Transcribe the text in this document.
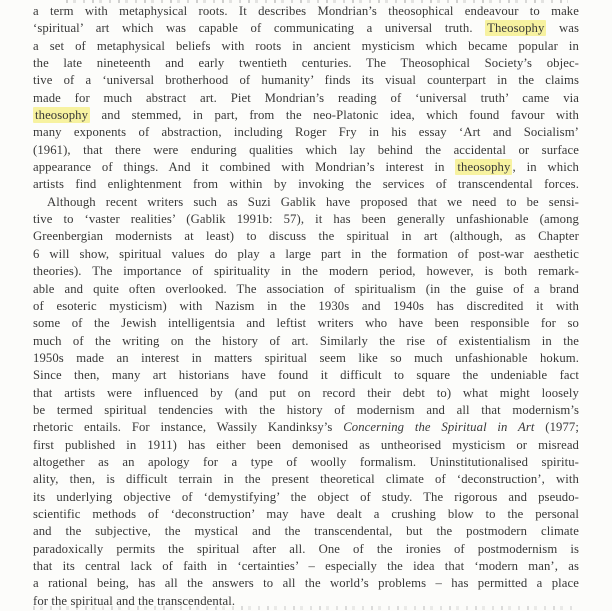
a term with metaphysical roots. It describes Mondrian’s theosophical endeavour to make
‘spiritual’ art which was capable of communicating a universal truth. Theosophy was
a set of metaphysical beliefs with roots in ancient mysticism which became popular in
the late nineteenth and early twentieth centuries. The Theosophical Society’s objec-
tive of a ‘universal brotherhood of humanity’ finds its visual counterpart in the claims
made for much abstract art. Piet Mondrian’s reading of ‘universal truth’ came via
theosophy and stemmed, in part, from the neo-Platonic idea, which found favour with
many exponents of abstraction, including Roger Fry in his essay ‘Art and Socialism’
(1961), that there were enduring qualities which lay behind the accidental or surface
appearance of things. And it combined with Mondrian’s interest in theosophy , in which
artists find enlightenment from within by invoking the services of transcendental forces.
Although recent writers such as Suzi Gablik have proposed that we need to be sensi-
tive to ‘vaster realities’ (Gablik 1991b: 57), it has been generally unfashionable (among
Greenbergian modernists at least) to discuss the spiritual in art (although, as Chapter
6 will show, spiritual values do play a large part in the formation of post-war aesthetic
theories). The importance of spirituality in the modern period, however, is both remark-
able and quite often overlooked. The association of spiritualism (in the guise of a brand
of esoteric mysticism) with Nazism in the 1930s and 1940s has discredited it with
some of the Jewish intelligentsia and leftist writers who have been responsible for so
much of the writing on the history of art. Similarly the rise of existentialism in the
1950s made an interest in matters spiritual seem like so much unfashionable hokum.
Since then, many art historians have found it difficult to square the undeniable fact
that artists were influenced by (and put on record their debt to) what might loosely
be termed spiritual tendencies with the history of modernism and all that modernism’s
rhetoric entails. For instance, Wassily Kandinksy’s Concerning the Spiritual in Art (1977;
first published in 1911) has either been demonised as untheorised mysticism or misread
altogether as an apology for a type of woolly formalism. Uninstitutionalised spiritu-
ality, then, is difficult terrain in the present theoretical climate of ‘deconstruction’, with
its underlying objective of ‘demystifying’ the object of study. The rigorous and pseudo-
scientific methods of ‘deconstruction’ may have dealt a crushing blow to the personal
and the subjective, the mystical and the transcendental, but the postmodern climate
paradoxically permits the spiritual after all. One of the ironies of postmodernism is
that its central lack of faith in ‘certainties’ – especially the idea that ‘modern man’, as
a rational being, has all the answers to all the world’s problems – has permitted a place
for the spiritual and the transcendental.
